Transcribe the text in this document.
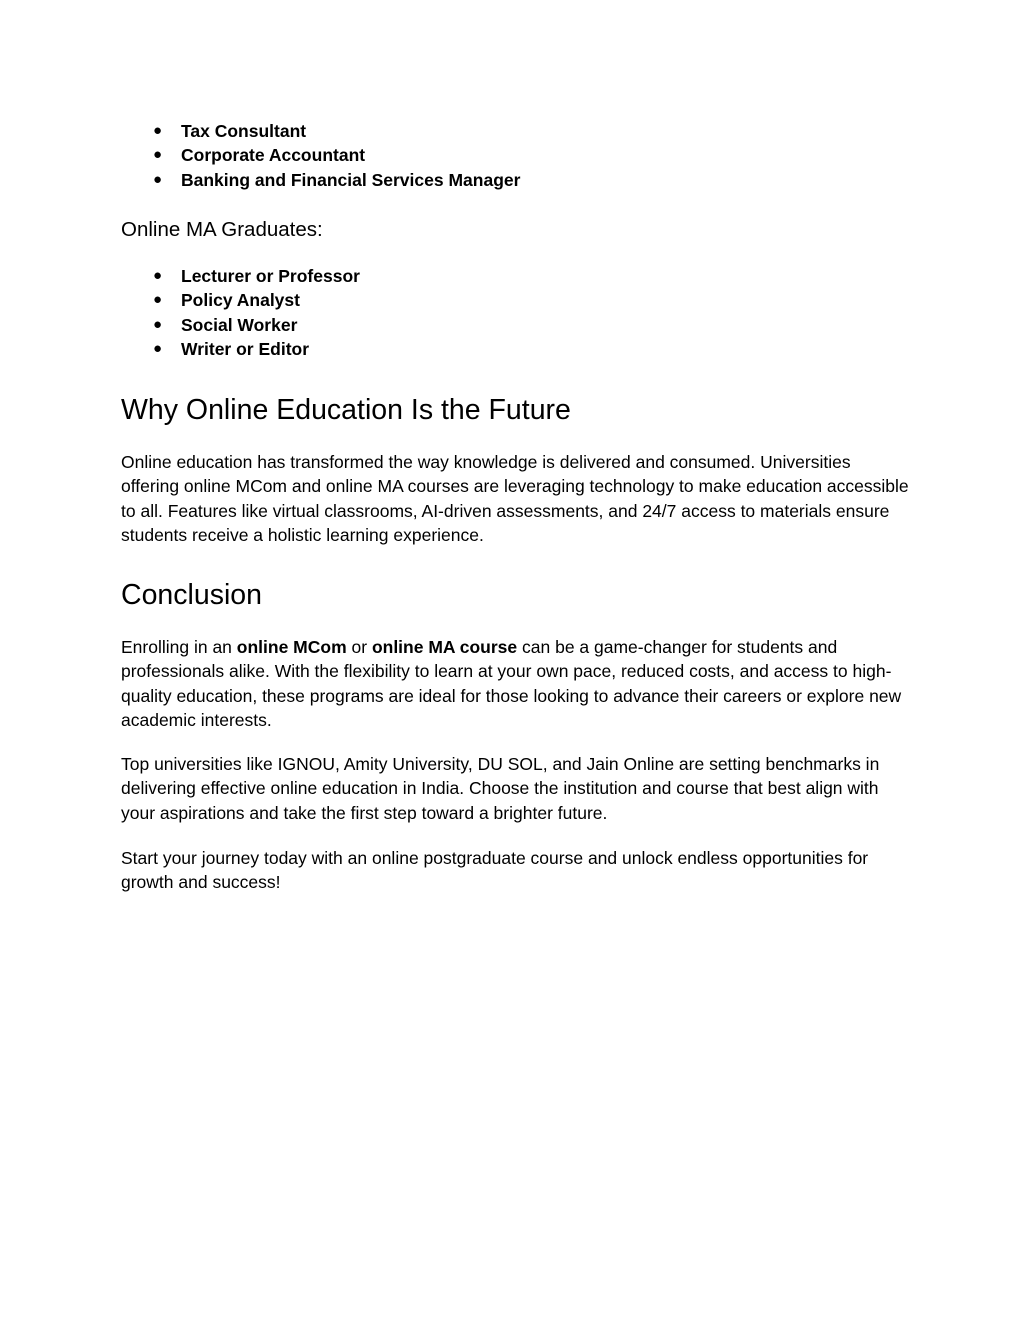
● Tax Consultant
● Corporate Accountant
● Banking and Financial Services Manager
Online MA Graduates:
● Lecturer or Professor
● Policy Analyst
● Social Worker
● Writer or Editor
Why Online Education Is the Future

Online education has transformed the way knowledge is delivered and consumed. Universities offering online MCom and online MA courses are leveraging technology to make education accessible to all. Features like virtual classrooms, AI-driven assessments, and 24/7 access to materials ensure students receive a holistic learning experience.

Conclusion

Enrolling in an online MCom or online MA course can be a game-changer for students and professionals alike. With the flexibility to learn at your own pace, reduced costs, and access to high-quality education, these programs are ideal for those looking to advance their careers or explore new academic interests.

Top universities like IGNOU, Amity University, DU SOL, and Jain Online are setting benchmarks in delivering effective online education in India. Choose the institution and course that best align with your aspirations and take the first step toward a brighter future.

Start your journey today with an online postgraduate course and unlock endless opportunities for growth and success!
